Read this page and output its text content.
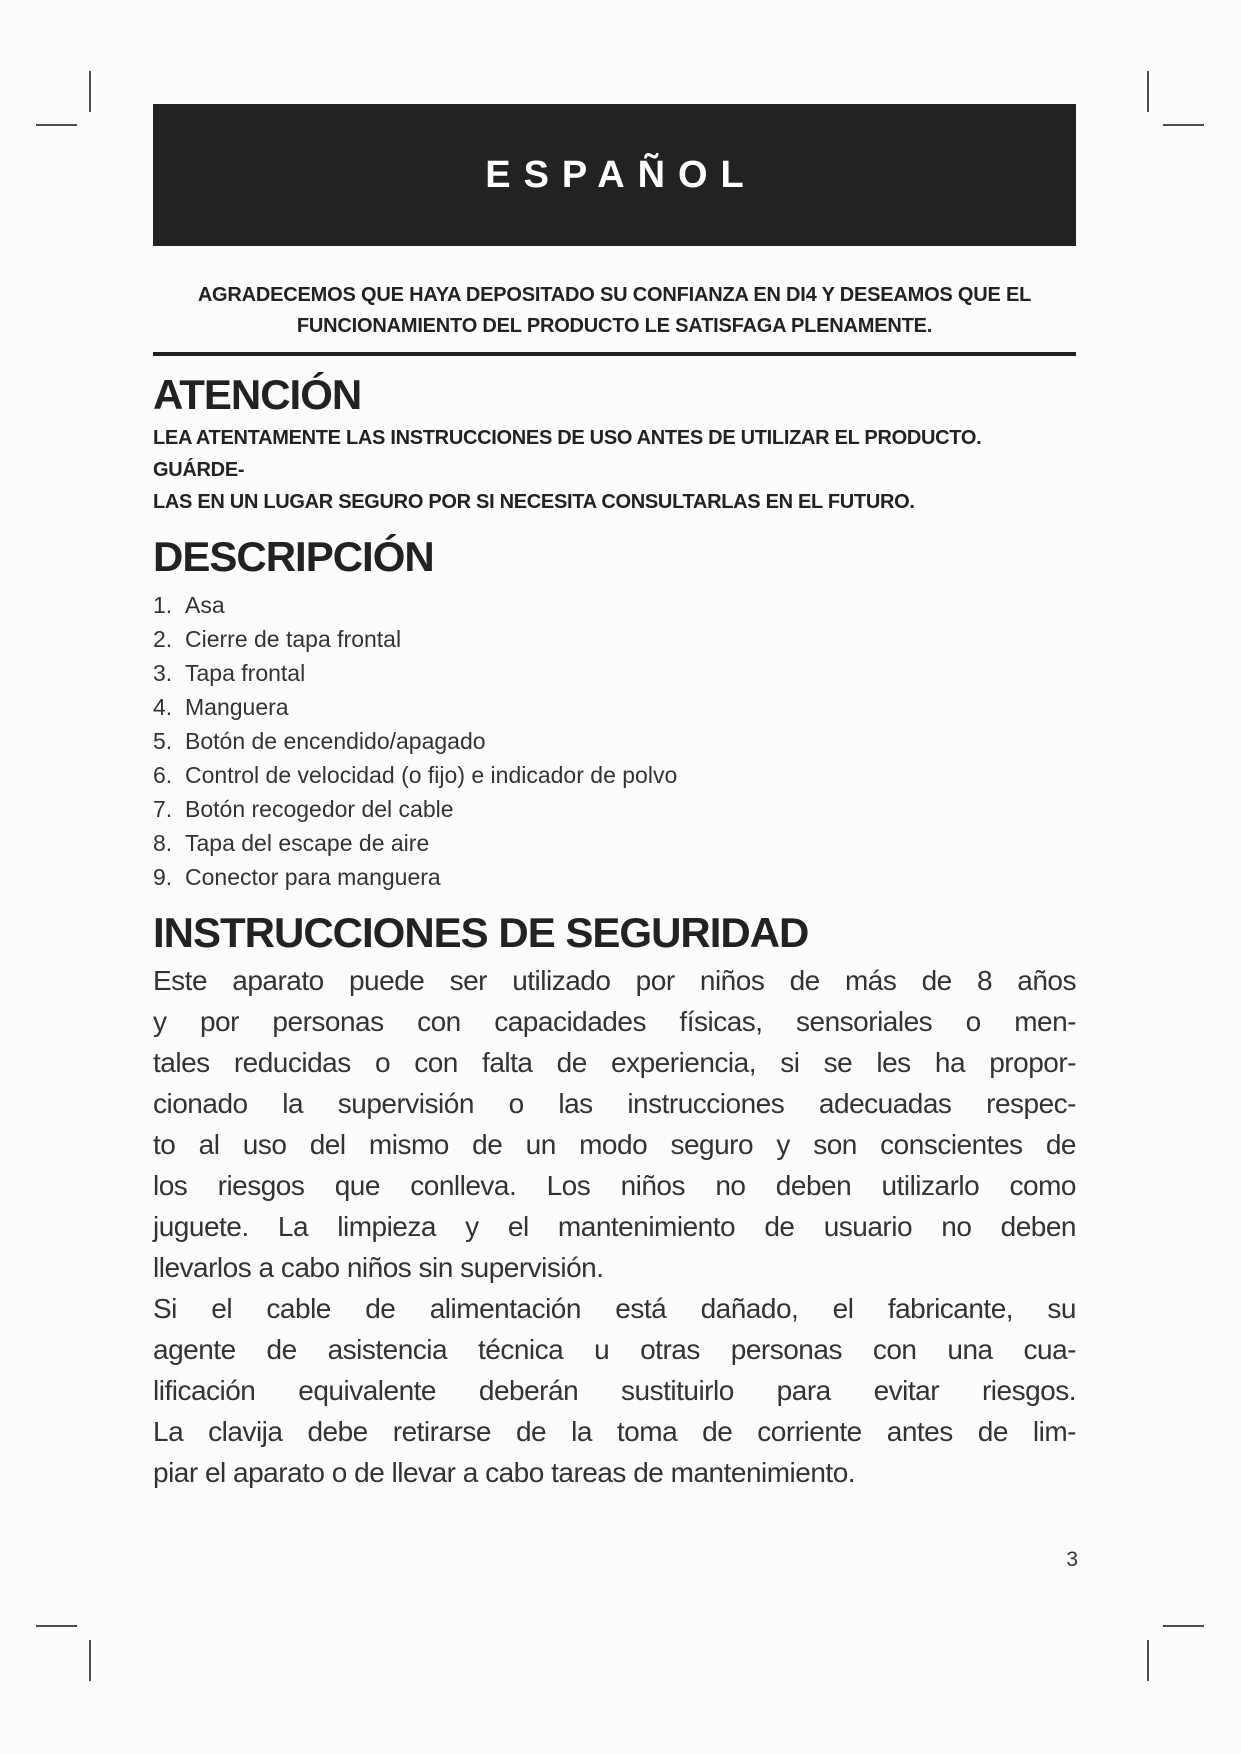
ESPAÑOL
AGRADECEMOS QUE HAYA DEPOSITADO SU CONFIANZA EN DI4 Y DESEAMOS QUE EL
FUNCIONAMIENTO DEL PRODUCTO LE SATISFAGA PLENAMENTE.
ATENCIÓN
LEA ATENTAMENTE LAS INSTRUCCIONES DE USO ANTES DE UTILIZAR EL PRODUCTO. GUÁRDE-
LAS EN UN LUGAR SEGURO POR SI NECESITA CONSULTARLAS EN EL FUTURO.
DESCRIPCIÓN
1. Asa
2. Cierre de tapa frontal
3. Tapa frontal
4. Manguera
5. Botón de encendido/apagado
6. Control de velocidad (o fijo) e indicador de polvo
7. Botón recogedor del cable
8. Tapa del escape de aire
9. Conector para manguera
INSTRUCCIONES DE SEGURIDAD
Este aparato puede ser utilizado por niños de más de 8 años
y por personas con capacidades físicas, sensoriales o men-
tales reducidas o con falta de experiencia, si se les ha propor-
cionado la supervisión o las instrucciones adecuadas respec-
to al uso del mismo de un modo seguro y son conscientes de
los riesgos que conlleva. Los niños no deben utilizarlo como
juguete. La limpieza y el mantenimiento de usuario no deben
llevarlos a cabo niños sin supervisión.
Si el cable de alimentación está dañado, el fabricante, su
agente de asistencia técnica u otras personas con una cua-
lificación equivalente deberán sustituirlo para evitar riesgos.
La clavija debe retirarse de la toma de corriente antes de lim-
piar el aparato o de llevar a cabo tareas de mantenimiento.
3
